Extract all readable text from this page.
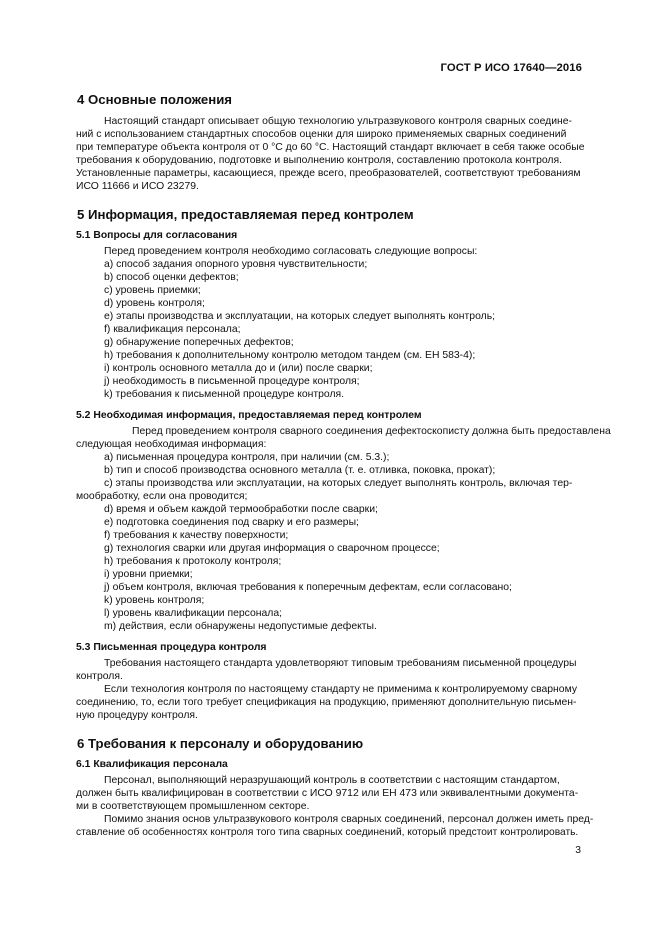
ГОСТ Р ИСО 17640—2016
4 Основные положения
Настоящий стандарт описывает общую технологию ультразвукового контроля сварных соедине-
ний с использованием стандартных способов оценки для широко применяемых сварных соединений
при температуре объекта контроля от 0 °С до 60 °С. Настоящий стандарт включает в себя также особые
требования к оборудованию, подготовке и выполнению контроля, составлению протокола контроля.
Установленные параметры, касающиеся, прежде всего, преобразователей, соответствуют требованиям
ИСО 11666 и ИСО 23279.
5 Информация, предоставляемая перед контролем
5.1 Вопросы для согласования
Перед проведением контроля необходимо согласовать следующие вопросы:
a) способ задания опорного уровня чувствительности;
b) способ оценки дефектов;
c) уровень приемки;
d) уровень контроля;
e) этапы производства и эксплуатации, на которых следует выполнять контроль;
f) квалификация персонала;
g) обнаружение поперечных дефектов;
h) требования к дополнительному контролю методом тандем (см. ЕН 583-4);
i) контроль основного металла до и (или) после сварки;
j) необходимость в письменной процедуре контроля;
k) требования к письменной процедуре контроля.
5.2 Необходимая информация, предоставляемая перед контролем
Перед проведением контроля сварного соединения дефектоскописту должна быть предоставлена
следующая необходимая информация:
a) письменная процедура контроля, при наличии (см. 5.3.);
b) тип и способ производства основного металла (т. е. отливка, поковка, прокат);
c) этапы производства или эксплуатации, на которых следует выполнять контроль, включая тер-
мообработку, если она проводится;
d) время и объем каждой термообработки после сварки;
e) подготовка соединения под сварку и его размеры;
f) требования к качеству поверхности;
g) технология сварки или другая информация о сварочном процессе;
h) требования к протоколу контроля;
i) уровни приемки;
j) объем контроля, включая требования к поперечным дефектам, если согласовано;
k) уровень контроля;
l) уровень квалификации персонала;
m) действия, если обнаружены недопустимые дефекты.
5.3 Письменная процедура контроля
Требования настоящего стандарта удовлетворяют типовым требованиям письменной процедуры
контроля.
Если технология контроля по настоящему стандарту не применима к контролируемому сварному
соединению, то, если того требует спецификация на продукцию, применяют дополнительную письмен-
ную процедуру контроля.
6 Требования к персоналу и оборудованию
6.1 Квалификация персонала
Персонал, выполняющий неразрушающий контроль в соответствии с настоящим стандартом,
должен быть квалифицирован в соответствии с ИСО 9712 или ЕН 473 или эквивалентными документа-
ми в соответствующем промышленном секторе.
Помимо знания основ ультразвукового контроля сварных соединений, персонал должен иметь пред-
ставление об особенностях контроля того типа сварных соединений, который предстоит контролировать.
3
